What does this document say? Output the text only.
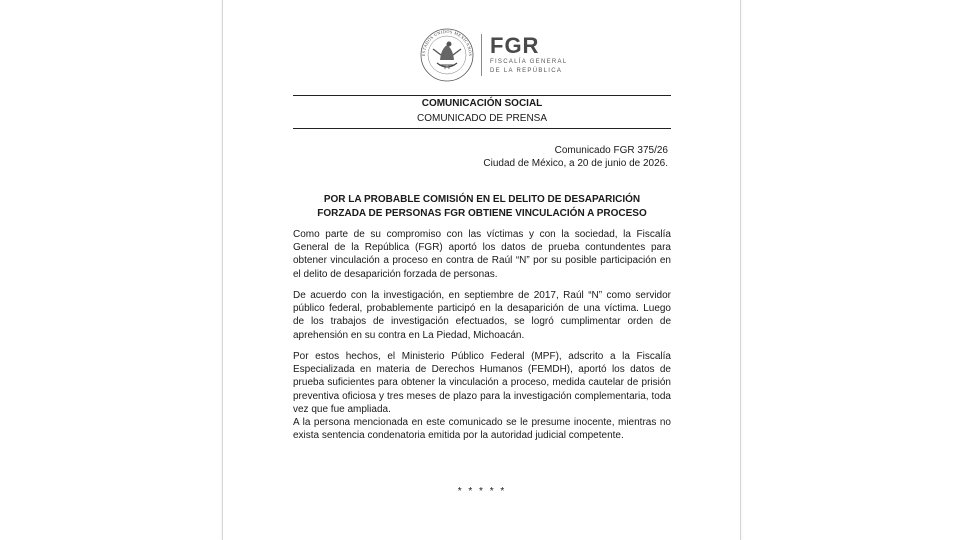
ESTADOS UNIDOS MEXICANOS FGR
FISCALÍA GENERAL
DE LA REPÚBLICA
COMUNICACIÓN SOCIAL
COMUNICADO DE PRENSA
Comunicado FGR 375/26
Ciudad de México, a 20 de junio de 2026.
POR LA PROBABLE COMISIÓN EN EL DELITO DE DESAPARICIÓN
FORZADA DE PERSONAS FGR OBTIENE VINCULACIÓN A PROCESO

Como parte de su compromiso con las víctimas y con la sociedad, la Fiscalía
General de la República (FGR) aportó los datos de prueba contundentes para
obtener vinculación a proceso en contra de Raúl “N” por su posible participación en
el delito de desaparición forzada de personas.

De acuerdo con la investigación, en septiembre de 2017, Raúl “N” como servidor
público federal, probablemente participó en la desaparición de una víctima. Luego
de los trabajos de investigación efectuados, se logró cumplimentar orden de
aprehensión en su contra en La Piedad, Michoacán.

Por estos hechos, el Ministerio Público Federal (MPF), adscrito a la Fiscalía
Especializada en materia de Derechos Humanos (FEMDH), aportó los datos de
prueba suficientes para obtener la vinculación a proceso, medida cautelar de prisión
preventiva oficiosa y tres meses de plazo para la investigación complementaria, toda
vez que fue ampliada.

A la persona mencionada en este comunicado se le presume inocente, mientras no
exista sentencia condenatoria emitida por la autoridad judicial competente.

* * * * *
